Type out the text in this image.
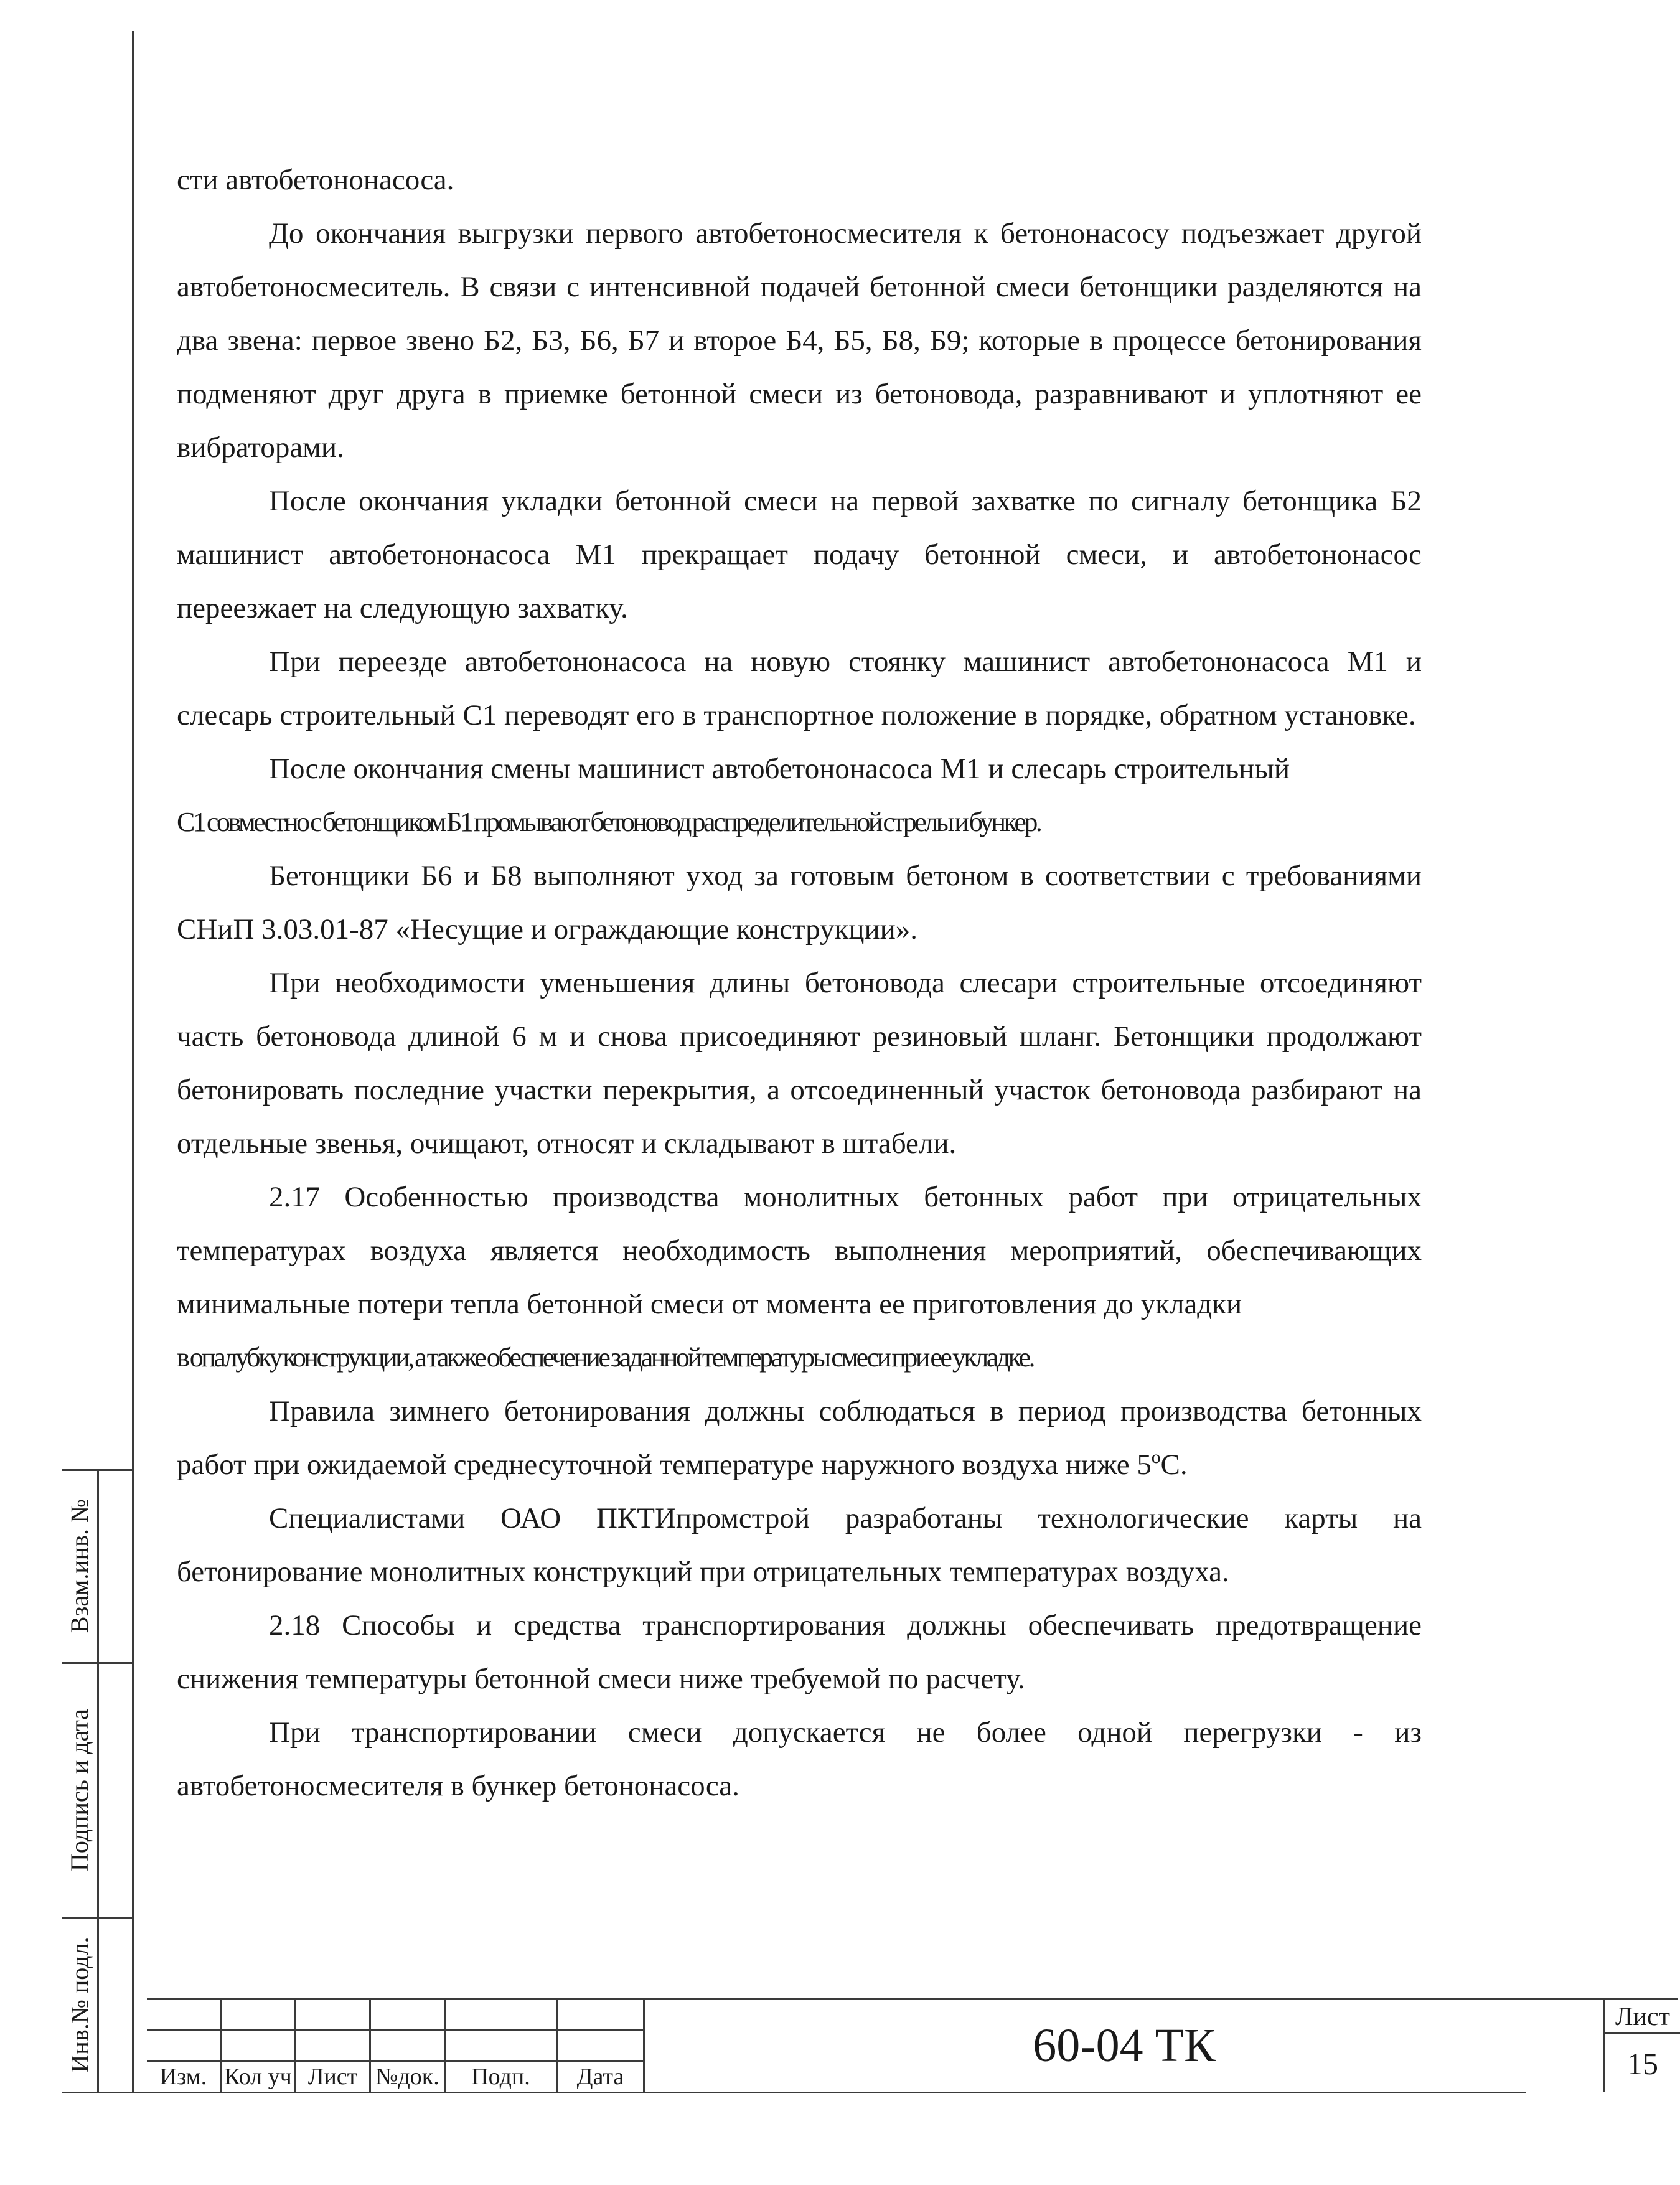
сти автобетононасоса.

До окончания выгрузки первого автобетоносмесителя к бетононасосу подъезжает другой автобетоносмеситель. В связи с интенсивной подачей бетонной смеси бетонщики разделяются на два звена: первое звено Б2, Б3, Б6, Б7 и второе Б4, Б5, Б8, Б9; которые в процессе бетонирования подменяют друг друга в приемке бетонной смеси из бетоновода, разравнивают и уплотняют ее вибраторами.

После окончания укладки бетонной смеси на первой захватке по сигналу бетонщика Б2 машинист автобетононасоса М1 прекращает подачу бетонной смеси, и автобетононасос переезжает на следующую захватку.

При переезде автобетононасоса на новую стоянку машинист автобетононасоса М1 и слесарь строительный С1 переводят его в транспортное положение в порядке, обратном установке.

После окончания смены машинист автобетононасоса М1 и слесарь строительный

С1 совместно с бетонщиком Б1 промывают бетоновод распределительной стрелы и бункер.

Бетонщики Б6 и Б8 выполняют уход за готовым бетоном в соответствии с требованиями СНиП 3.03.01-87 «Несущие и ограждающие конструкции».

При необходимости уменьшения длины бетоновода слесари строительные отсоединяют часть бетоновода длиной 6 м и снова присоединяют резиновый шланг. Бетонщики продолжают бетонировать последние участки перекрытия, а отсоединенный участок бетоновода разбирают на отдельные звенья, очищают, относят и складывают в штабели.

2.17 Особенностью производства монолитных бетонных работ при отрицательных температурах воздуха является необходимость выполнения мероприятий, обеспечивающих минимальные потери тепла бетонной смеси от момента ее приготовления до укладки

в опалубку конструкции, а также обеспечение заданной температуры смеси при ее укладке.

Правила зимнего бетонирования должны соблюдаться в период производства бетонных работ при ожидаемой среднесуточной температуре наружного воздуха ниже 5ºС.

Специалистами ОАО ПКТИпромстрой разработаны технологические карты на бетонирование монолитных конструкций при отрицательных температурах воздуха.

2.18 Способы и средства транспортирования должны обеспечивать предотвращение снижения температуры бетонной смеси ниже требуемой по расчету.

При транспортировании смеси допускается не более одной перегрузки - из автобетоносмесителя в бункер бетононасоса.

Взам.инв. №
Подпись и дата
Инв.№ подл.
Изм. Кол уч Лист №док.	Подп.	Дата
60-04 ТК
Лист
15
